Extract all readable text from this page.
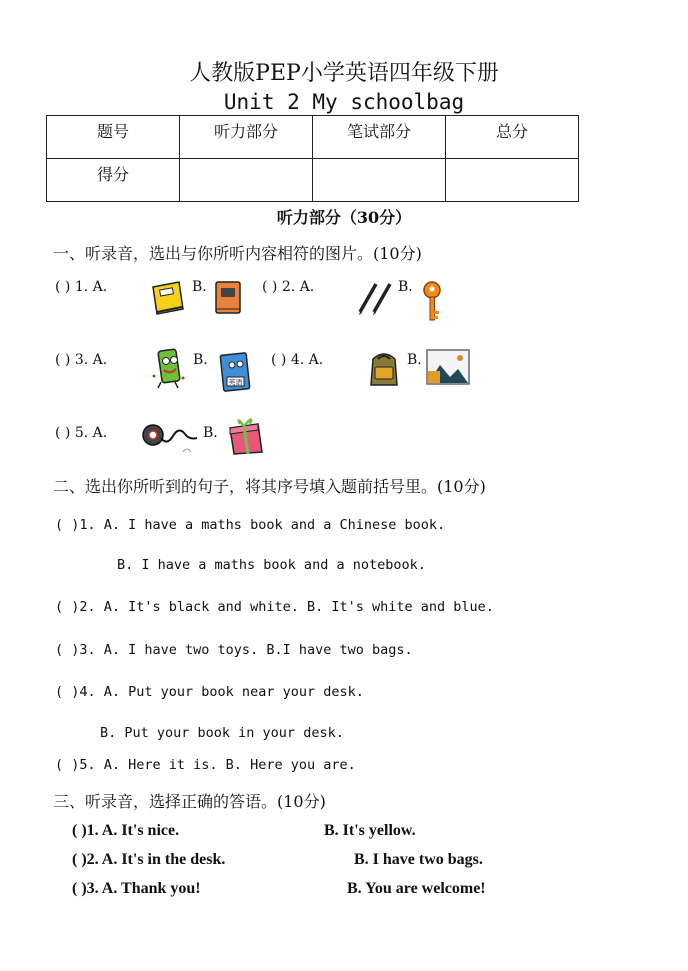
人教版PEP小学英语四年级下册
Unit 2 My schoolbag
题号	听力部分	笔试部分	总分
得分			
听力部分（30分）
一、听录音，选出与你所听内容相符的图片。(10分)
( ) 1. A.	B.	( ) 2. A.	B.
( ) 3. A.	B.
英语
( ) 4. A.	B.
( ) 5. A.	B.
二、选出你所听到的句子，将其序号填入题前括号里。(10分)
( )1. A. I have a maths book and a Chinese book.
B. I have a maths book and a notebook.
( )2. A. It's black and white. B. It's white and blue.
( )3. A. I have two toys. B.I have two bags.
( )4. A. Put your book near your desk.
B. Put your book in your desk.
( )5. A. Here it is. B. Here you are.
三、听录音，选择正确的答语。(10分)
( )1. A. It's nice.	B. It's yellow.
( )2. A. It's in the desk.	B. I have two bags.
( )3. A. Thank you!	B. You are welcome!
